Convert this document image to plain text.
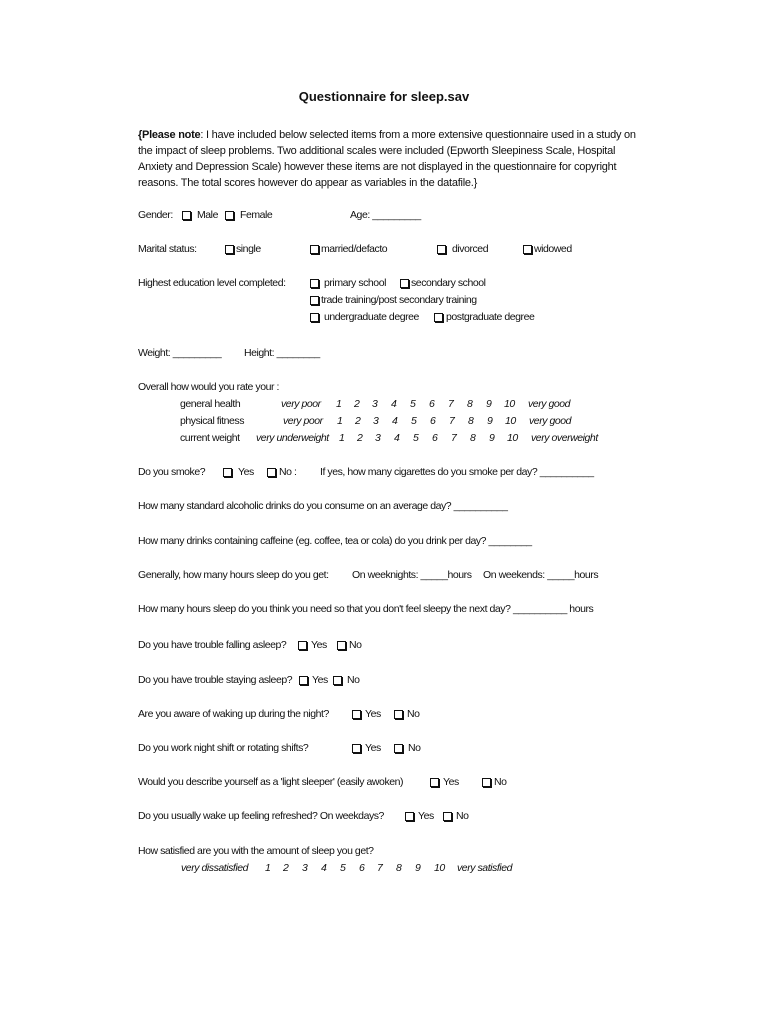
Questionnaire for sleep.sav
{Please note: I have included below selected items from a more extensive questionnaire used in a study on the impact of sleep problems. Two additional scales were included (Epworth Sleepiness Scale, Hospital Anxiety and Depression Scale) however these items are not displayed in the questionnaire for copyright reasons. The total scores however do appear as variables in the datafile.}
Gender: Male Female	Age: _________
Marital status:	single	married/defacto	divorced	widowed
Highest education level completed:	primary school secondary school
trade training/post secondary training
undergraduate degree	postgraduate degree
Weight: _________ Height: ________
Overall how would you rate your :
general health	very poor 1 2 3 4 5 6 7 8 9 10 very good
physical fitness	very poor 1 2 3 4 5 6 7 8 9 10 very good
current weight very underweight 1 2 3 4 5 6 7 8 9 10 very overweight
Do you smoke?	Yes No : If yes, how many cigarettes do you smoke per day? __________
How many standard alcoholic drinks do you consume on an average day? __________
How many drinks containing caffeine (eg. coffee, tea or cola) do you drink per day? ________
Generally, how many hours sleep do you get: On weeknights: _____hours On weekends: _____hours
How many hours sleep do you think you need so that you don't feel sleepy the next day? __________ hours
Do you have trouble falling asleep? Yes No
Do you have trouble staying asleep? Yes No
Are you aware of waking up during the night?	Yes No
Do you work night shift or rotating shifts?	Yes	No
Would you describe yourself as a 'light sleeper' (easily awoken)	Yes	No
Do you usually wake up feeling refreshed? On weekdays?	Yes No
How satisfied are you with the amount of sleep you get?
very dissatisfied 1 2 3 4 5 6 7 8 9 10 very satisfied
